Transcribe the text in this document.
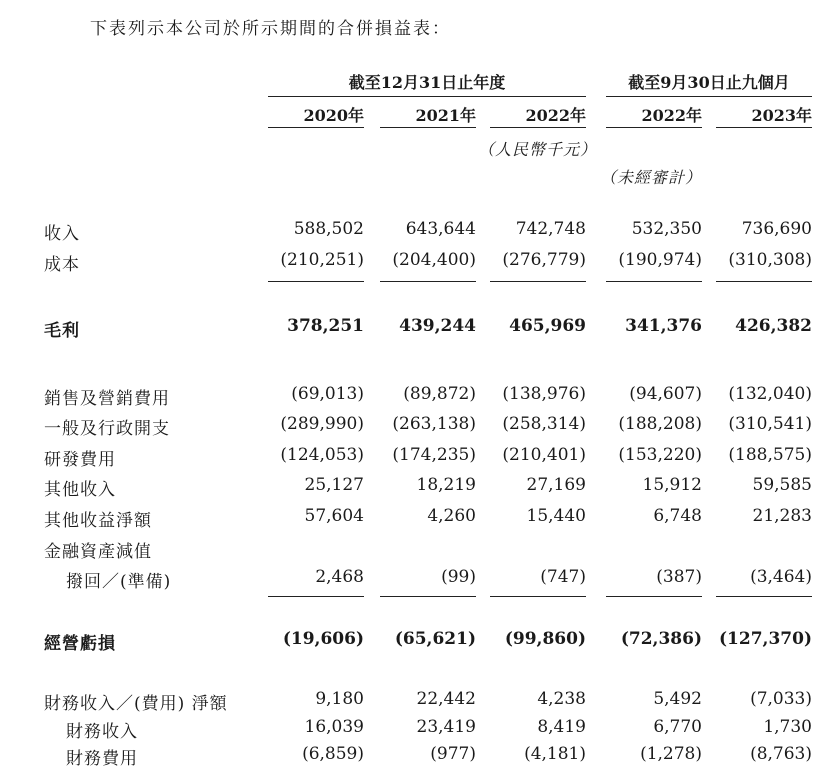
下表列示本公司於所示期間的合併損益表：
截至12月31日止年度	截至9月30日止九個月
2020年	2021年	2022年	2022年	2023年
（人民幣千元）
（未經審計）
收入	588,502	643,644	742,748	532,350	736,690
成本	(210,251)	(204,400)	(276,779)	(190,974)	(310,308)
毛利	378,251	439,244	465,969	341,376	426,382
銷售及營銷費用	(69,013)	(89,872)	(138,976)	(94,607)	(132,040)
一般及行政開支	(289,990)	(263,138)	(258,314)	(188,208)	(310,541)
研發費用	(124,053)	(174,235)	(210,401)	(153,220)	(188,575)
其他收入	25,127	18,219	27,169	15,912	59,585
其他收益淨額	57,604	4,260	15,440	6,748	21,283
金融資產減值
撥回／(準備)	2,468	(99)	(747)	(387)	(3,464)
經營虧損	(19,606)	(65,621)	(99,860)	(72,386) (127,370)
財務收入／(費用) 淨額	9,180	22,442	4,238	5,492	(7,033)
財務收入	16,039	23,419	8,419	6,770	1,730
財務費用	(6,859)	(977)	(4,181)	(1,278)	(8,763)
